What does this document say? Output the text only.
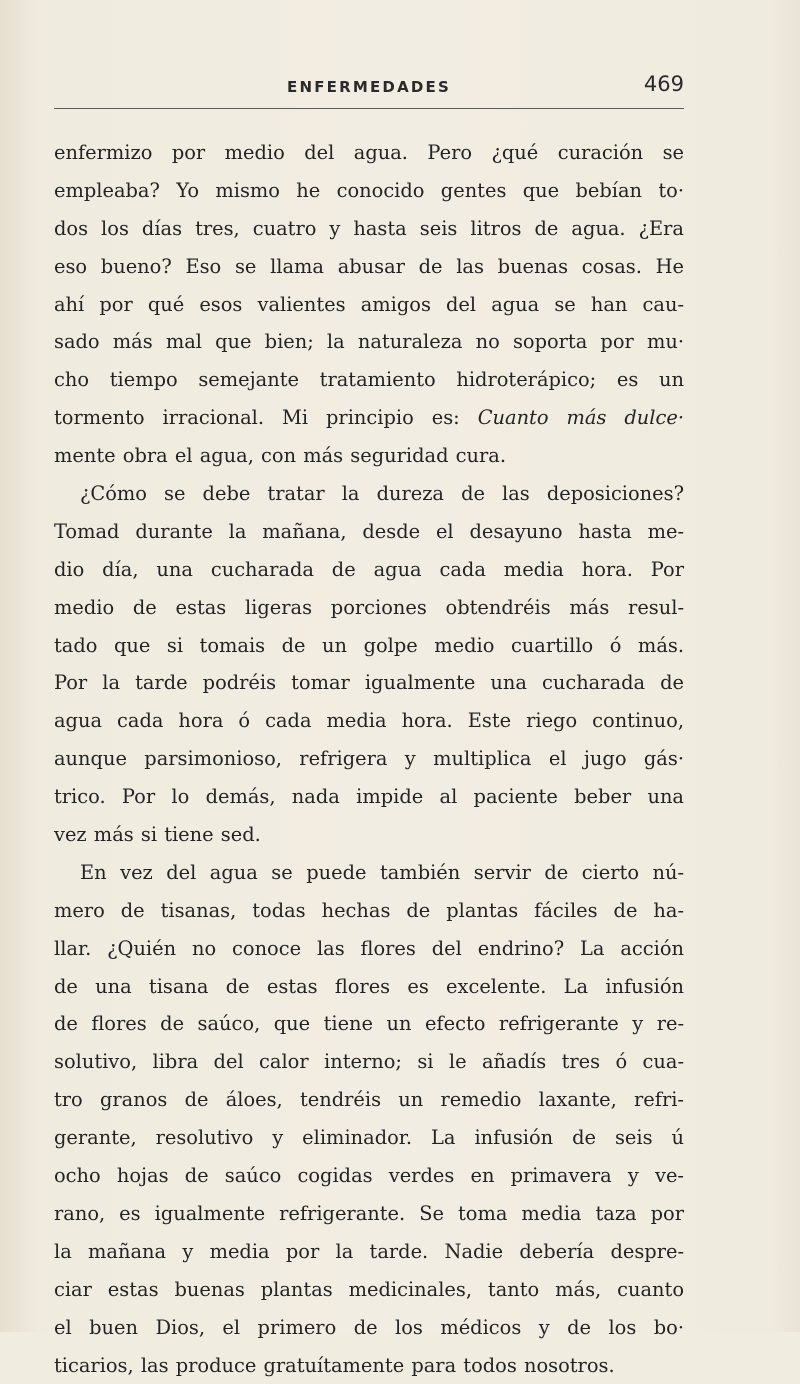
ENFERMEDADES	469
enfermizo por medio del agua. Pero ¿qué curación se
empleaba? Yo mismo he conocido gentes que bebían to·
dos los días tres, cuatro y hasta seis litros de agua. ¿Era
eso bueno? Eso se llama abusar de las buenas cosas. He
ahí por qué esos valientes amigos del agua se han cau-
sado más mal que bien; la naturaleza no soporta por mu·
cho tiempo semejante tratamiento hidroterápico; es un
tormento irracional. Mi principio es: Cuanto más dulce·
mente obra el agua, con más seguridad cura.
¿Cómo se debe tratar la dureza de las deposiciones?
Tomad durante la mañana, desde el desayuno hasta me-
dio día, una cucharada de agua cada media hora. Por
medio de estas ligeras porciones obtendréis más resul-
tado que si tomais de un golpe medio cuartillo ó más.
Por la tarde podréis tomar igualmente una cucharada de
agua cada hora ó cada media hora. Este riego continuo,
aunque parsimonioso, refrigera y multiplica el jugo gás·
trico. Por lo demás, nada impide al paciente beber una
vez más si tiene sed.
En vez del agua se puede también servir de cierto nú-
mero de tisanas, todas hechas de plantas fáciles de ha-
llar. ¿Quién no conoce las flores del endrino? La acción
de una tisana de estas flores es excelente. La infusión
de flores de saúco, que tiene un efecto refrigerante y re-
solutivo, libra del calor interno; si le añadís tres ó cua-
tro granos de áloes, tendréis un remedio laxante, refri-
gerante, resolutivo y eliminador. La infusión de seis ú
ocho hojas de saúco cogidas verdes en primavera y ve-
rano, es igualmente refrigerante. Se toma media taza por
la mañana y media por la tarde. Nadie debería despre-
ciar estas buenas plantas medicinales, tanto más, cuanto
el buen Dios, el primero de los médicos y de los bo·
ticarios, las produce gratuítamente para todos nosotros.
